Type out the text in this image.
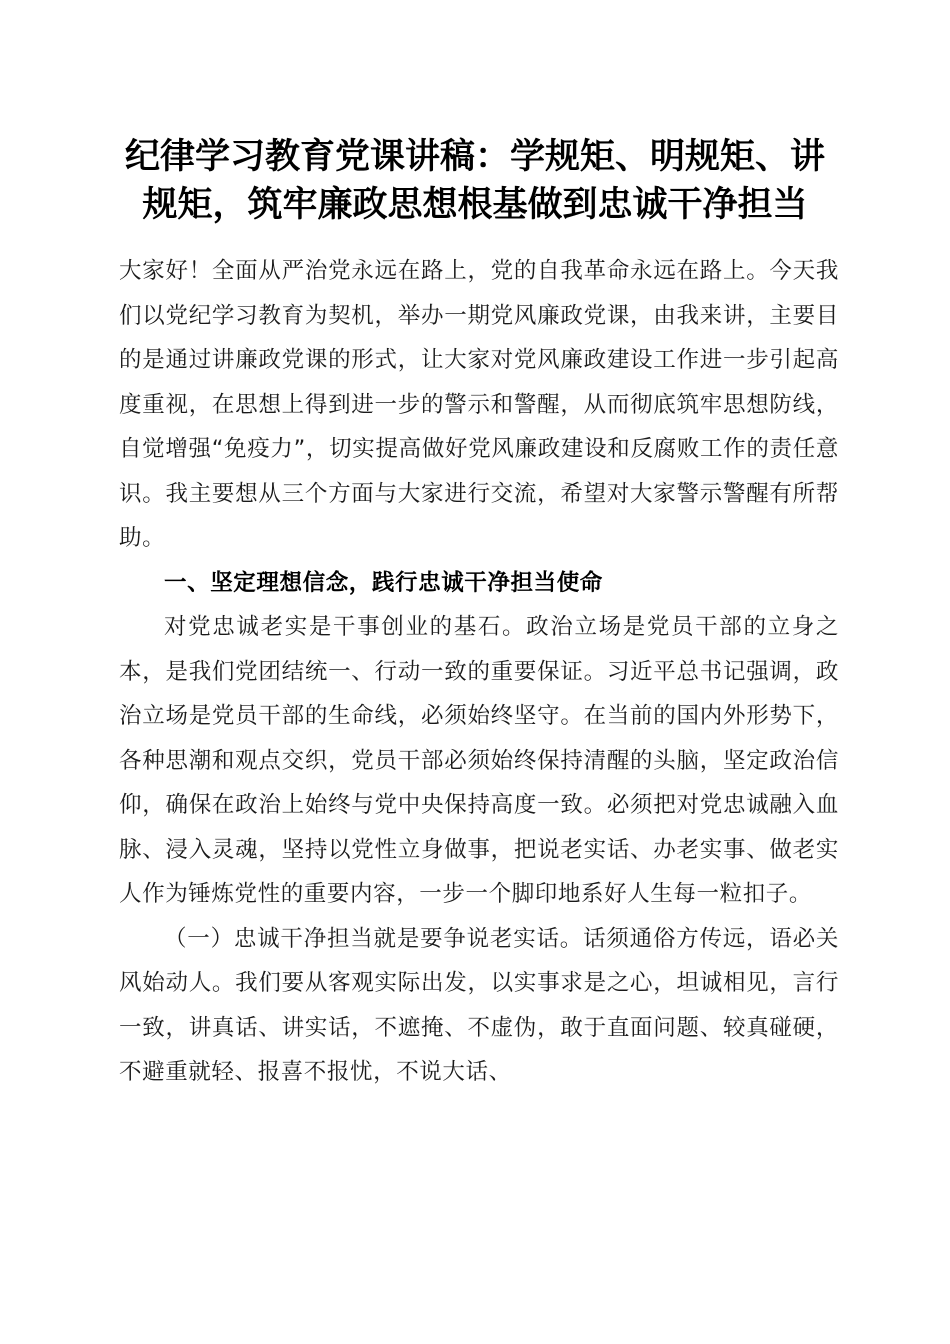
纪律学习教育党课讲稿：学规矩、明规矩、讲
规矩，筑牢廉政思想根基做到忠诚干净担当

大家好！全面从严治党永远在路上，党的自我革命永远在路上。今天我们以党纪学习教育为契机，举办一期党风廉政党课，由我来讲，主要目的是通过讲廉政党课的形式，让大家对党风廉政建设工作进一步引起高度重视，在思想上得到进一步的警示和警醒，从而彻底筑牢思想防线，自觉增强“免疫力”，切实提高做好党风廉政建设和反腐败工作的责任意识。我主要想从三个方面与大家进行交流，希望对大家警示警醒有所帮助。

一、坚定理想信念，践行忠诚干净担当使命

对党忠诚老实是干事创业的基石。政治立场是党员干部的立身之本，是我们党团结统一、行动一致的重要保证。习近平总书记强调，政治立场是党员干部的生命线，必须始终坚守。在当前的国内外形势下，各种思潮和观点交织，党员干部必须始终保持清醒的头脑，坚定政治信仰，确保在政治上始终与党中央保持高度一致。必须把对党忠诚融入血脉、浸入灵魂，坚持以党性立身做事，把说老实话、办老实事、做老实人作为锤炼党性的重要内容，一步一个脚印地系好人生每一粒扣子。

（一）忠诚干净担当就是要争说老实话。话须通俗方传远，语必关风始动人。我们要从客观实际出发，以实事求是之心，坦诚相见，言行一致，讲真话、讲实话，不遮掩、不虚伪，敢于直面问题、较真碰硬，不避重就轻、报喜不报忧，不说大话、
